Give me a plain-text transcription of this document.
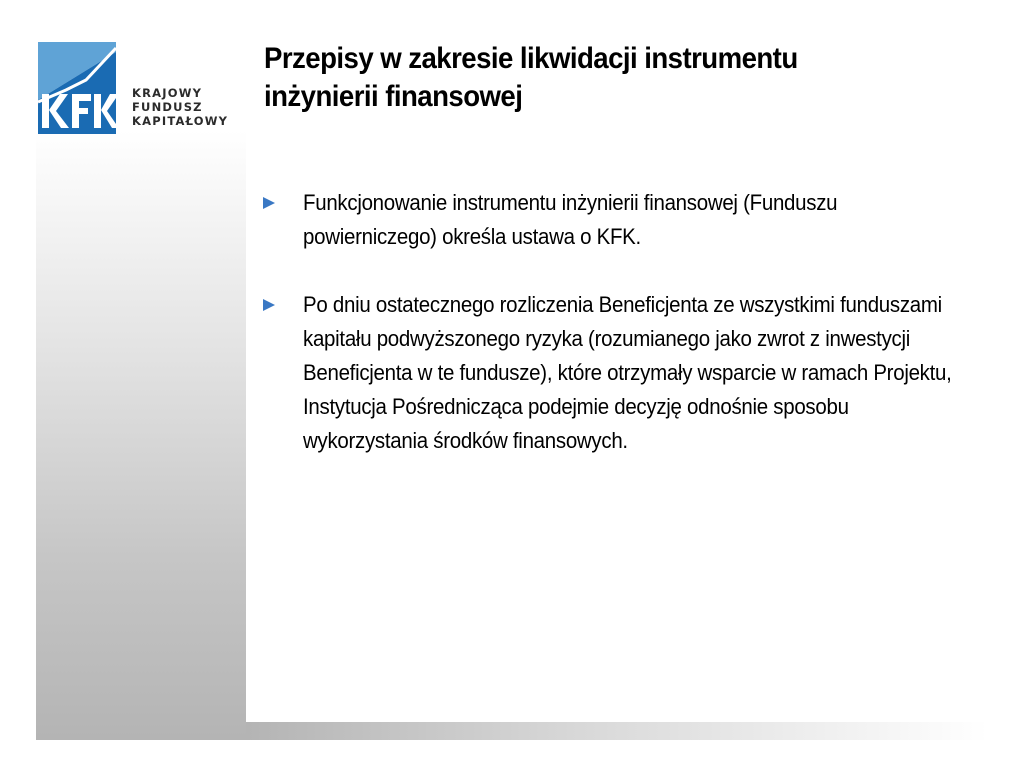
KRAJOWY
FUNDUSZ
KAPITAŁOWY
Przepisy w zakresie likwidacji instrumentu inżynierii finansowej
Funkcjonowanie instrumentu inżynierii finansowej (Funduszu powierniczego) określa ustawa o KFK.
Po dniu ostatecznego rozliczenia Beneficjenta ze wszystkimi funduszami kapitału podwyższonego ryzyka (rozumianego jako zwrot z inwestycji Beneficjenta w te fundusze), które otrzymały wsparcie w ramach Projektu, Instytucja Pośrednicząca podejmie decyzję odnośnie sposobu wykorzystania środków finansowych.
